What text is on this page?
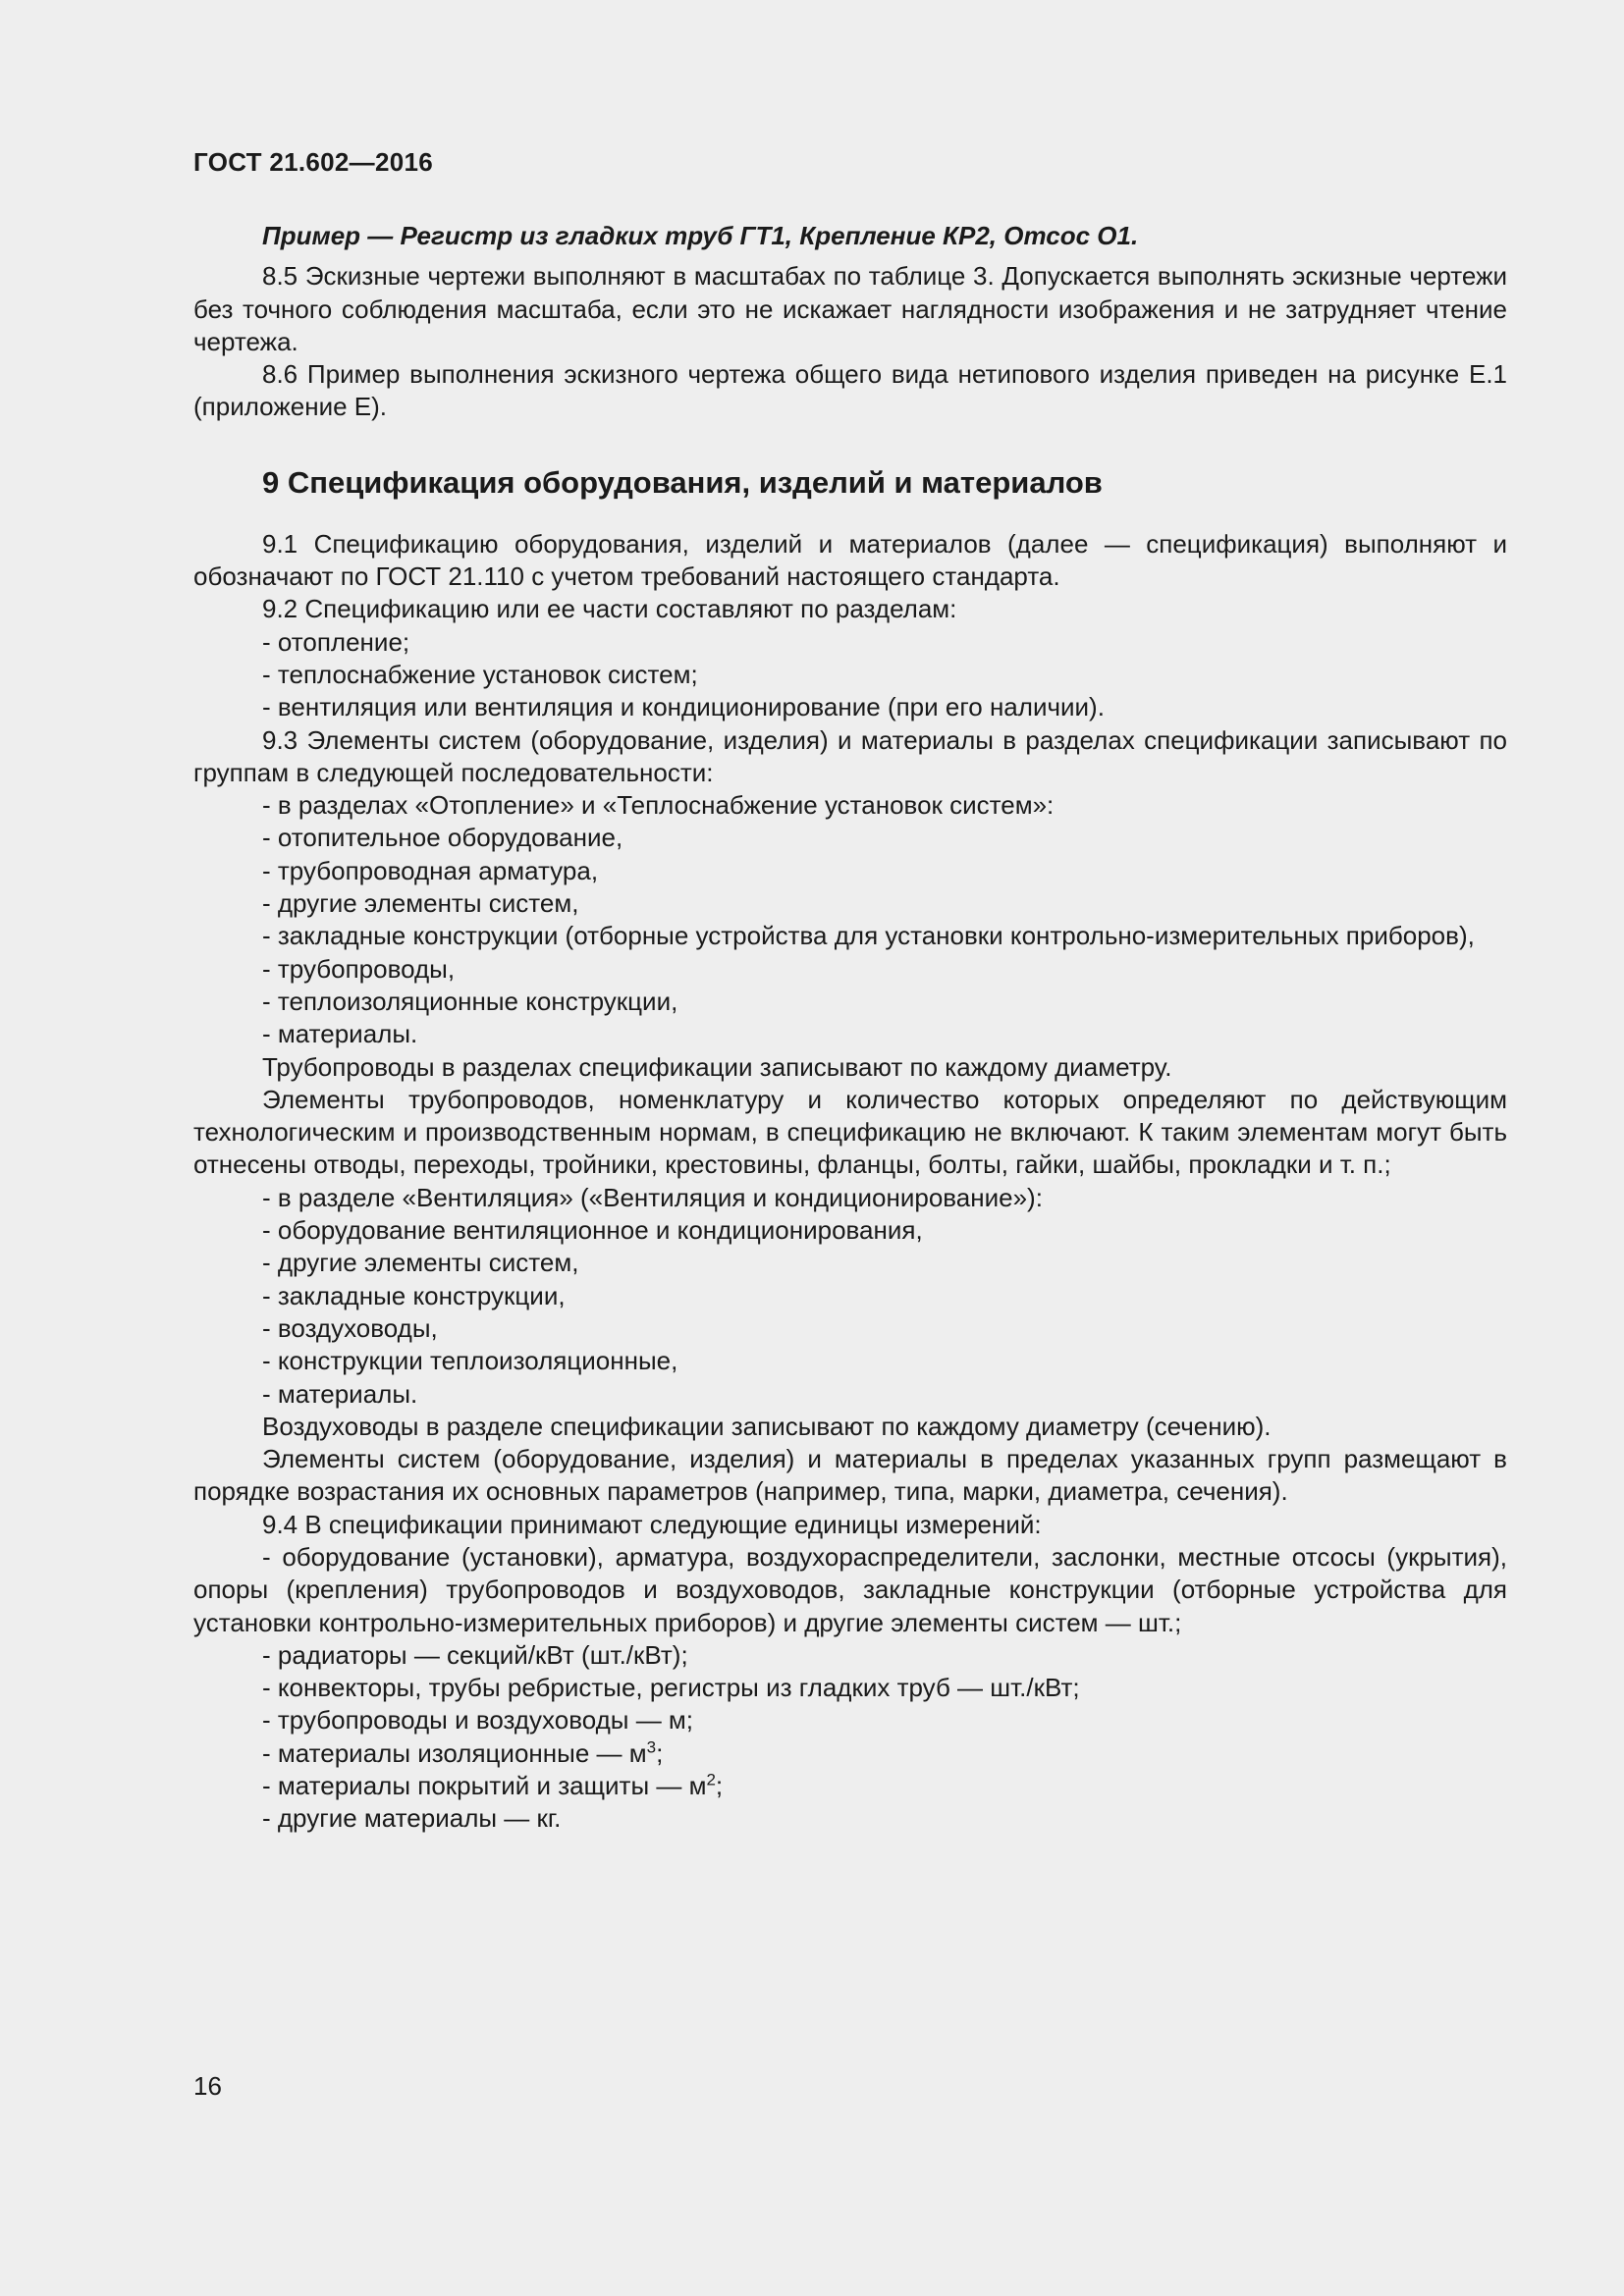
ГОСТ 21.602—2016

Пример — Регистр из гладких труб ГТ1, Крепление КР2, Отсос О1.

8.5 Эскизные чертежи выполняют в масштабах по таблице 3. Допускается выполнять эскизные чертежи без точного соблюдения масштаба, если это не искажает наглядности изображения и не затрудняет чтение чертежа.

8.6 Пример выполнения эскизного чертежа общего вида нетипового изделия приведен на рисунке Е.1 (приложение Е).

9 Спецификация оборудования, изделий и материалов

9.1 Спецификацию оборудования, изделий и материалов (далее — спецификация) выполняют и обозначают по ГОСТ 21.110 с учетом требований настоящего стандарта.

9.2 Спецификацию или ее части составляют по разделам:

- отопление;

- теплоснабжение установок систем;

- вентиляция или вентиляция и кондиционирование (при его наличии).

9.3 Элементы систем (оборудование, изделия) и материалы в разделах спецификации записывают по группам в следующей последовательности:

- в разделах «Отопление» и «Теплоснабжение установок систем»:

- отопительное оборудование,

- трубопроводная арматура,

- другие элементы систем,

- закладные конструкции (отборные устройства для установки контрольно-измерительных приборов),

- трубопроводы,

- теплоизоляционные конструкции,

- материалы.

Трубопроводы в разделах спецификации записывают по каждому диаметру.

Элементы трубопроводов, номенклатуру и количество которых определяют по действующим технологическим и производственным нормам, в спецификацию не включают. К таким элементам могут быть отнесены отводы, переходы, тройники, крестовины, фланцы, болты, гайки, шайбы, прокладки и т. п.;

- в разделе «Вентиляция» («Вентиляция и кондиционирование»):

- оборудование вентиляционное и кондиционирования,

- другие элементы систем,

- закладные конструкции,

- воздуховоды,

- конструкции теплоизоляционные,

- материалы.

Воздуховоды в разделе спецификации записывают по каждому диаметру (сечению).

Элементы систем (оборудование, изделия) и материалы в пределах указанных групп размещают в порядке возрастания их основных параметров (например, типа, марки, диаметра, сечения).

9.4 В спецификации принимают следующие единицы измерений:

- оборудование (установки), арматура, воздухораспределители, заслонки, местные отсосы (укрытия), опоры (крепления) трубопроводов и воздуховодов, закладные конструкции (отборные устройства для установки контрольно-измерительных приборов) и другие элементы систем — шт.;

- радиаторы — секций/кВт (шт./кВт);

- конвекторы, трубы ребристые, регистры из гладких труб — шт./кВт;

- трубопроводы и воздуховоды — м;

- материалы изоляционные — $м^3$;

- материалы покрытий и защиты — $м^2$;

- другие материалы — кг.

16
